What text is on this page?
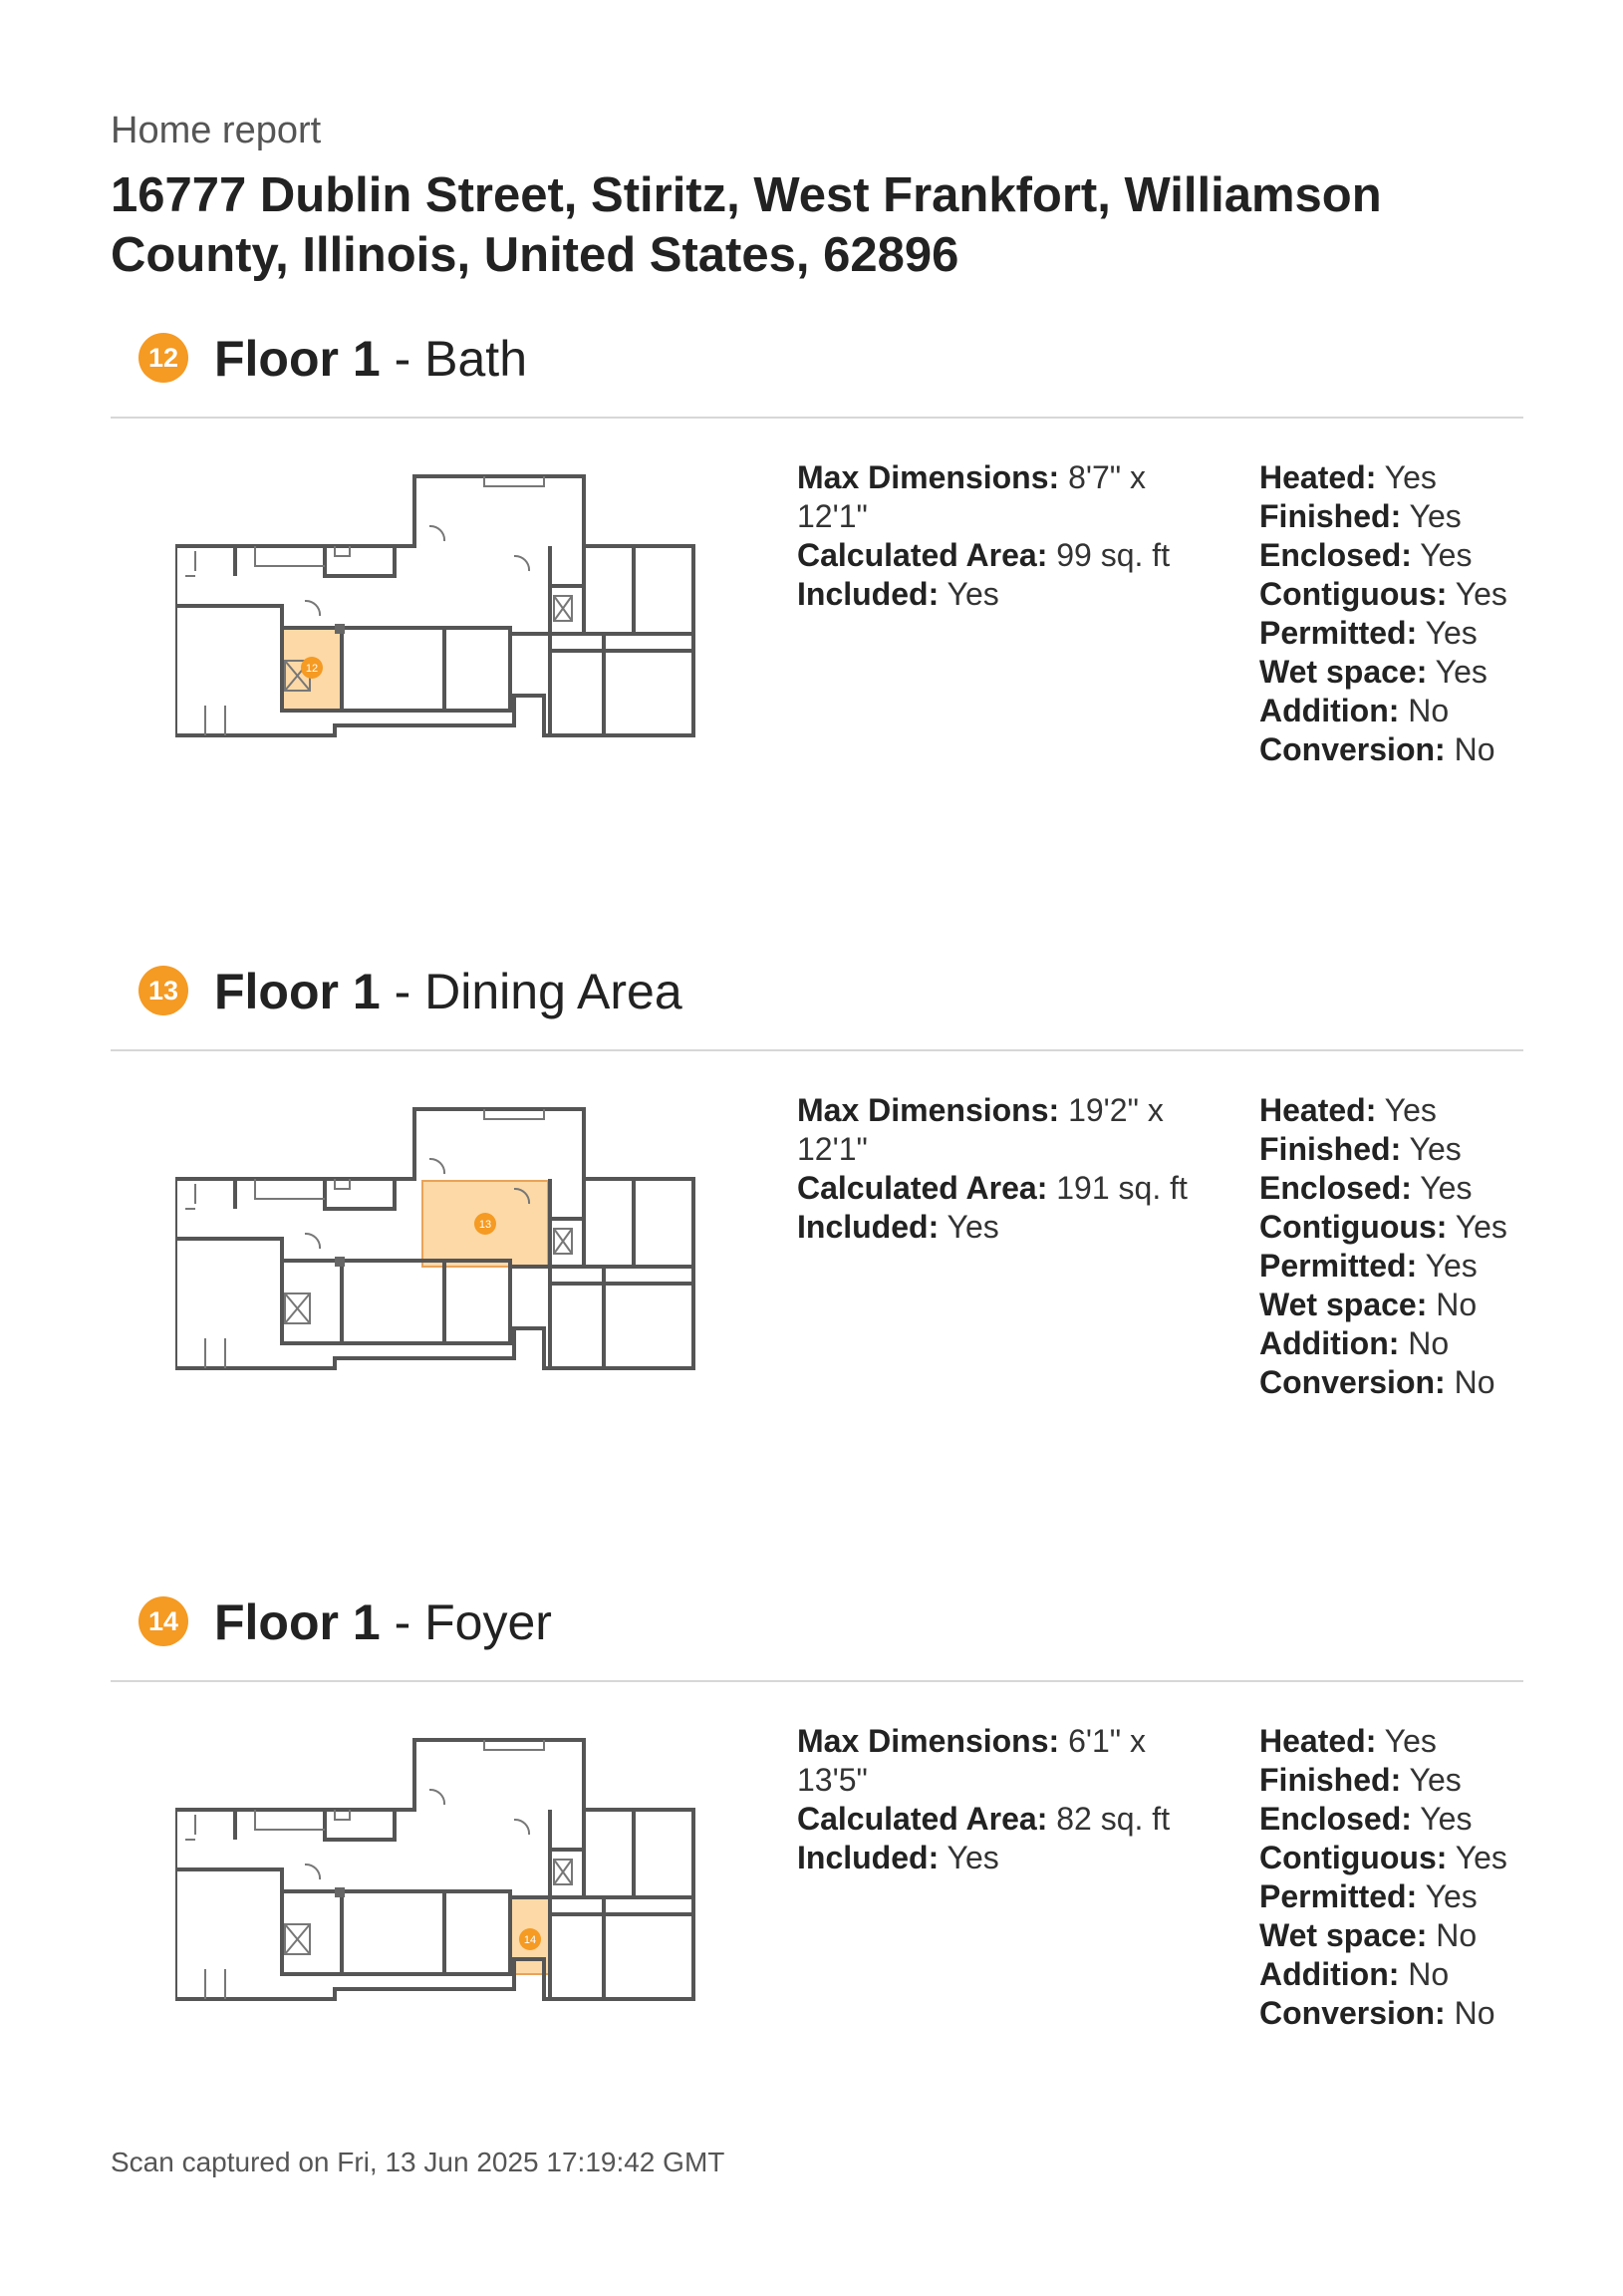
Home report
16777 Dublin Street, Stiritz, West Frankfort, Williamson County, Illinois, United States, 62896
12 Floor 1 - Bath
12
Max Dimensions: 8'7" x 12'1"
Calculated Area: 99 sq. ft
Included: Yes
Heated: Yes
Finished: Yes
Enclosed: Yes
Contiguous: Yes
Permitted: Yes
Wet space: Yes
Addition: No
Conversion: No
13 Floor 1 - Dining Area
13
Max Dimensions: 19'2" x 12'1"
Calculated Area: 191 sq. ft
Included: Yes
Heated: Yes
Finished: Yes
Enclosed: Yes
Contiguous: Yes
Permitted: Yes
Wet space: No
Addition: No
Conversion: No
14 Floor 1 - Foyer
14
Max Dimensions: 6'1" x 13'5"
Calculated Area: 82 sq. ft
Included: Yes
Heated: Yes
Finished: Yes
Enclosed: Yes
Contiguous: Yes
Permitted: Yes
Wet space: No
Addition: No
Conversion: No
Scan captured on Fri, 13 Jun 2025 17:19:42 GMT
